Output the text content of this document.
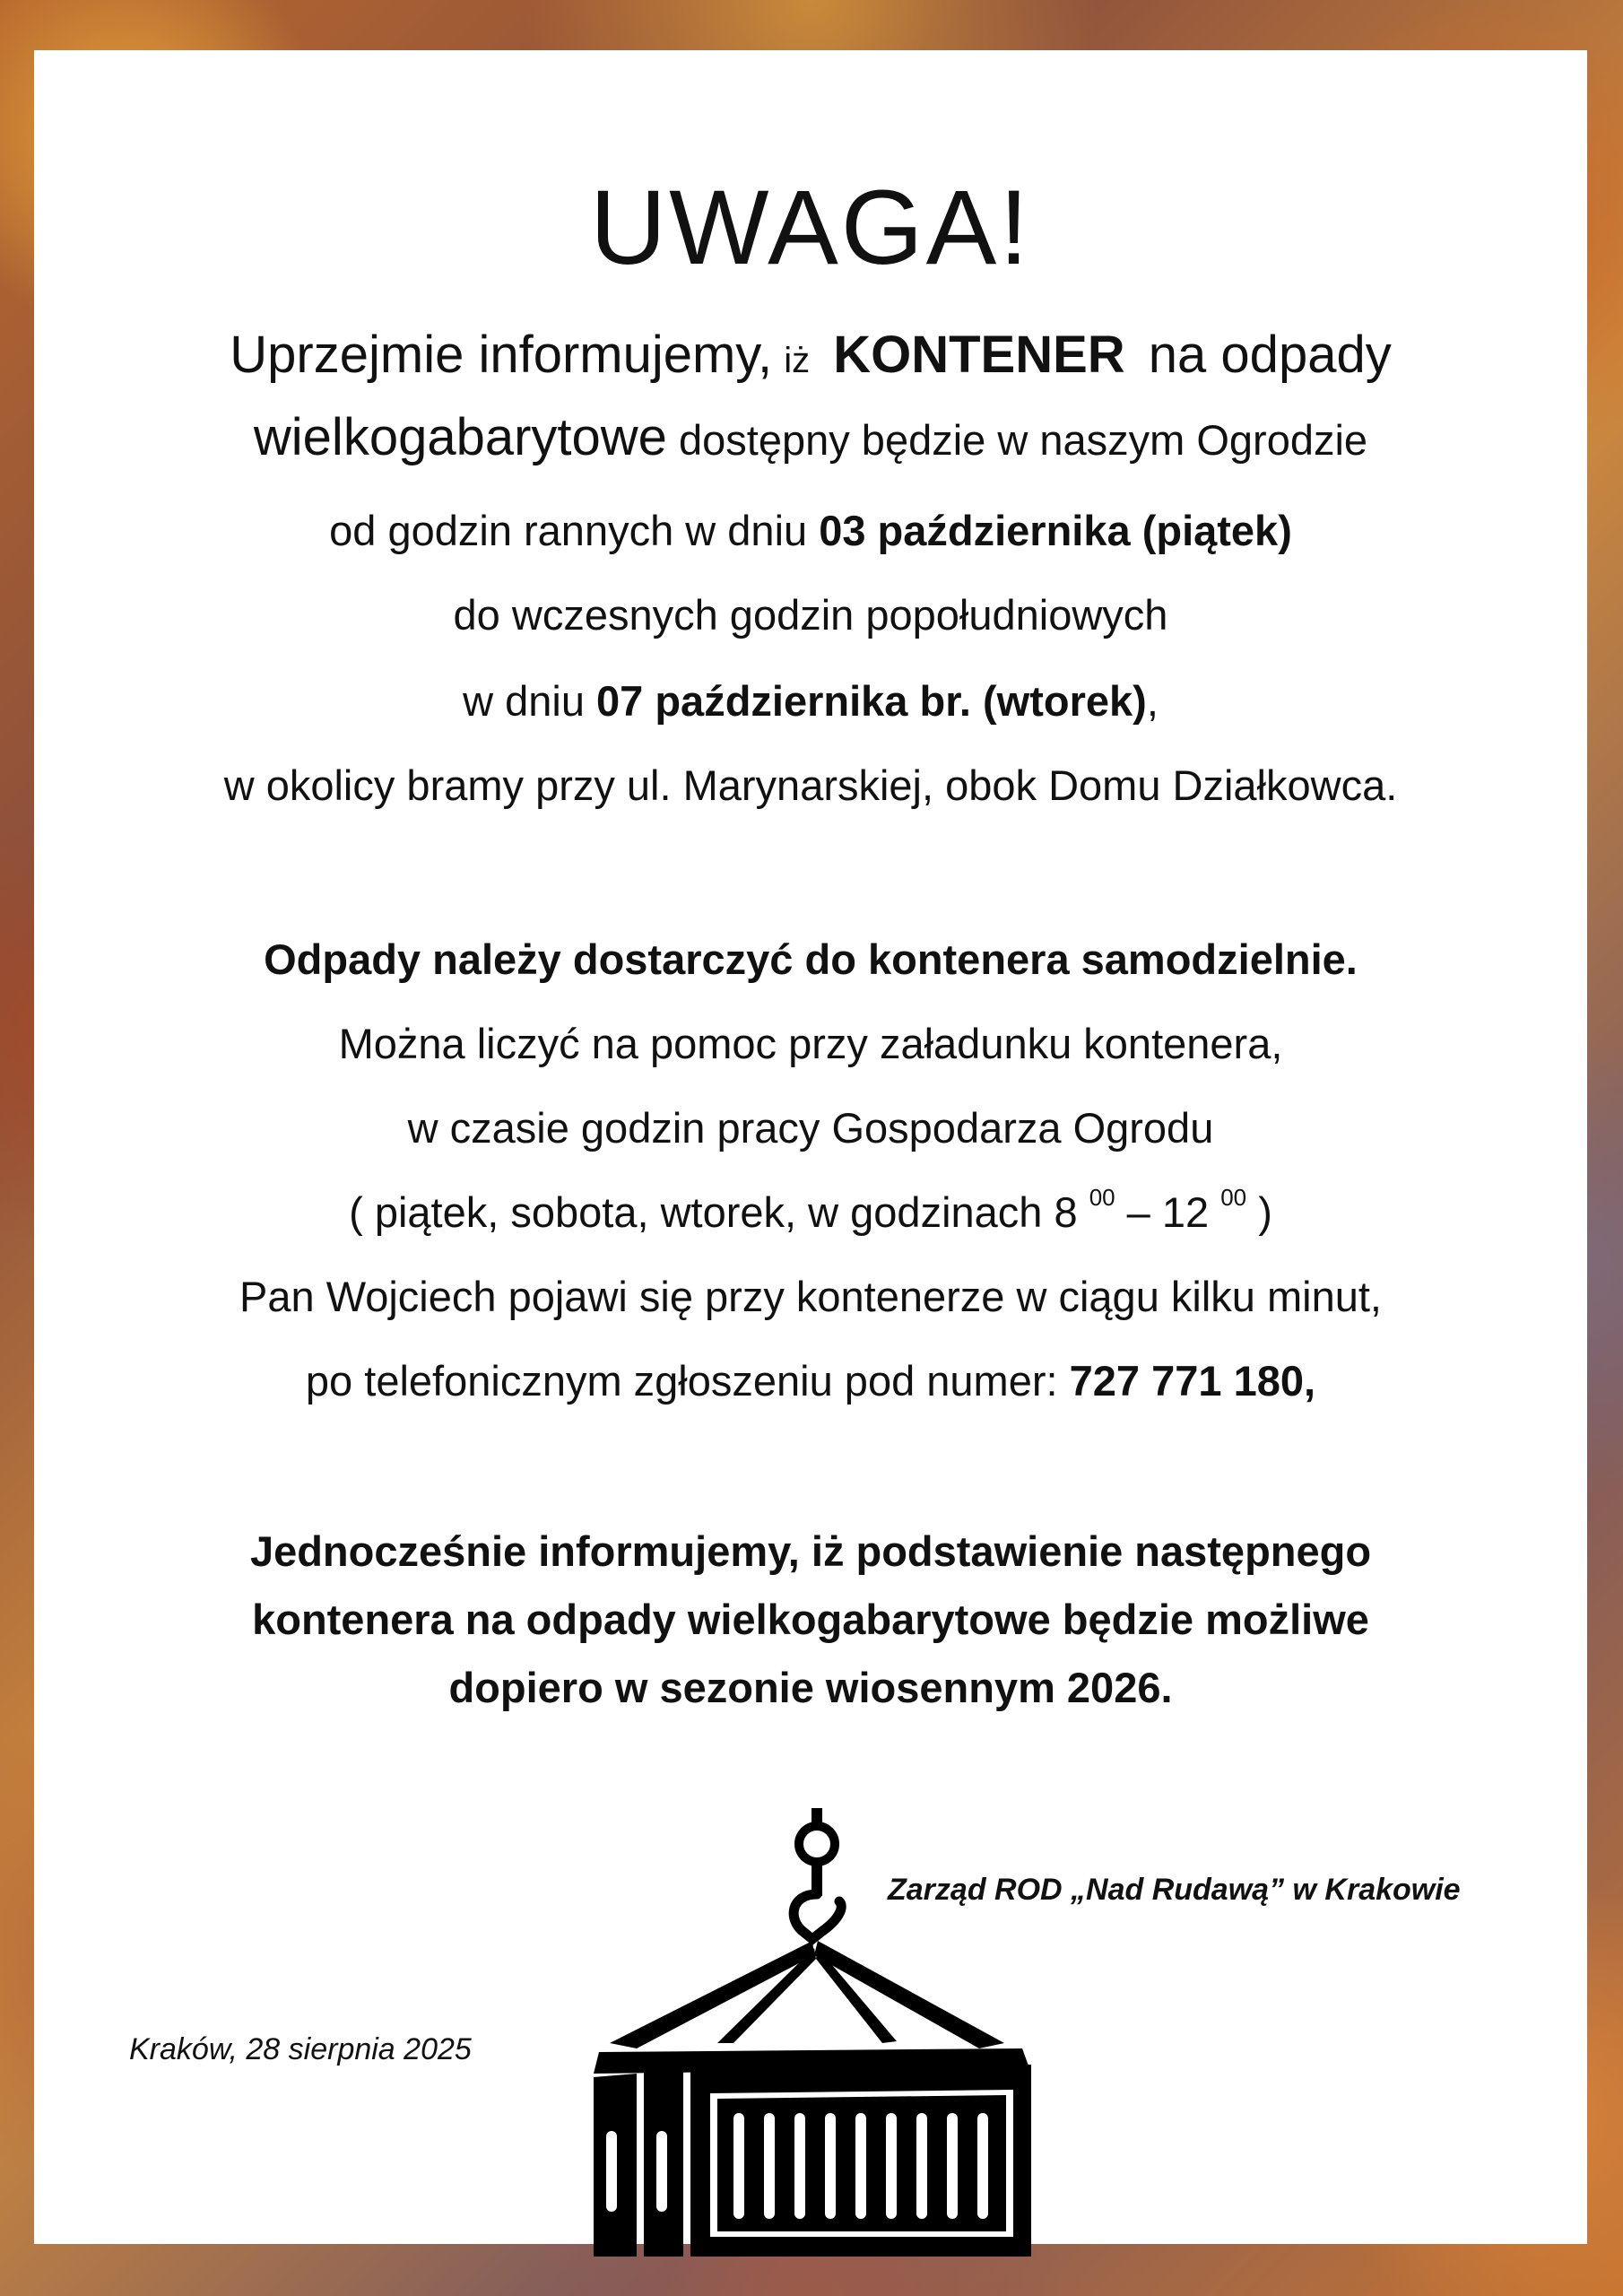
UWAGA!

Uprzejmie informujemy, iż KONTENER na odpady

wielkogabarytowe dostępny będzie w naszym Ogrodzie

od godzin rannych w dniu 03 października (piątek)

do wczesnych godzin popołudniowych

w dniu 07 października br. (wtorek),

w okolicy bramy przy ul. Marynarskiej, obok Domu Działkowca.

Odpady należy dostarczyć do kontenera samodzielnie.

Można liczyć na pomoc przy załadunku kontenera,

w czasie godzin pracy Gospodarza Ogrodu

( piątek, sobota, wtorek, w godzinach 8 $^{00}$ – 12 $^{00}$ )

Pan Wojciech pojawi się przy kontenerze w ciągu kilku minut,

po telefonicznym zgłoszeniu pod numer: 727 771 180,

Jednocześnie informujemy, iż podstawienie następnego

kontenera na odpady wielkogabarytowe będzie możliwe

dopiero w sezonie wiosennym 2026.

Zarząd ROD „Nad Rudawą” w Krakowie
Kraków, 28 sierpnia 2025
